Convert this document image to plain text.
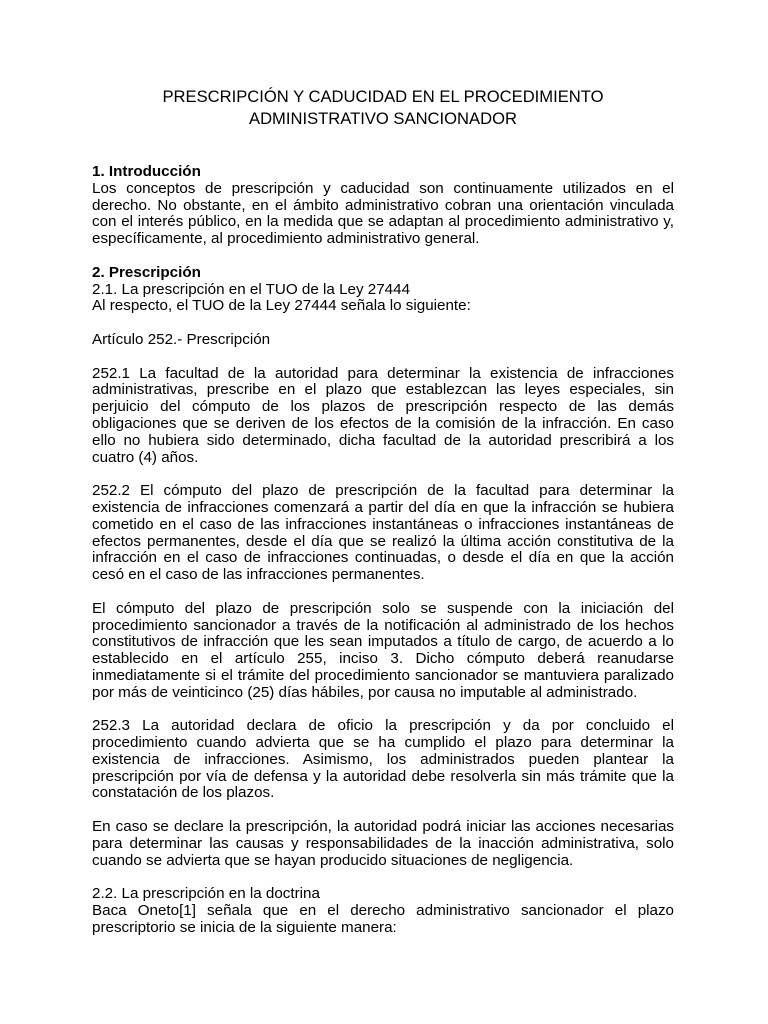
PRESCRIPCIÓN Y CADUCIDAD EN EL PROCEDIMIENTO
ADMINISTRATIVO SANCIONADOR

1. Introducción

Los conceptos de prescripción y caducidad son continuamente utilizados en el derecho. No obstante, en el ámbito administrativo cobran una orientación vinculada con el interés público, en la medida que se adaptan al procedimiento administrativo y, específicamente, al procedimiento administrativo general.

2. Prescripción

2.1. La prescripción en el TUO de la Ley 27444

Al respecto, el TUO de la Ley 27444 señala lo siguiente:

Artículo 252.- Prescripción

252.1 La facultad de la autoridad para determinar la existencia de infracciones administrativas, prescribe en el plazo que establezcan las leyes especiales, sin perjuicio del cómputo de los plazos de prescripción respecto de las demás obligaciones que se deriven de los efectos de la comisión de la infracción. En caso ello no hubiera sido determinado, dicha facultad de la autoridad prescribirá a los cuatro (4) años.

252.2 El cómputo del plazo de prescripción de la facultad para determinar la existencia de infracciones comenzará a partir del día en que la infracción se hubiera cometido en el caso de las infracciones instantáneas o infracciones instantáneas de efectos permanentes, desde el día que se realizó la última acción constitutiva de la infracción en el caso de infracciones continuadas, o desde el día en que la acción cesó en el caso de las infracciones permanentes.

El cómputo del plazo de prescripción solo se suspende con la iniciación del procedimiento sancionador a través de la notificación al administrado de los hechos constitutivos de infracción que les sean imputados a título de cargo, de acuerdo a lo establecido en el artículo 255, inciso 3. Dicho cómputo deberá reanudarse inmediatamente si el trámite del procedimiento sancionador se mantuviera paralizado por más de veinticinco (25) días hábiles, por causa no imputable al administrado.

252.3 La autoridad declara de oficio la prescripción y da por concluido el procedimiento cuando advierta que se ha cumplido el plazo para determinar la existencia de infracciones. Asimismo, los administrados pueden plantear la prescripción por vía de defensa y la autoridad debe resolverla sin más trámite que la constatación de los plazos.

En caso se declare la prescripción, la autoridad podrá iniciar las acciones necesarias para determinar las causas y responsabilidades de la inacción administrativa, solo cuando se advierta que se hayan producido situaciones de negligencia.

2.2. La prescripción en la doctrina

Baca Oneto[1] señala que en el derecho administrativo sancionador el plazo prescriptorio se inicia de la siguiente manera:
